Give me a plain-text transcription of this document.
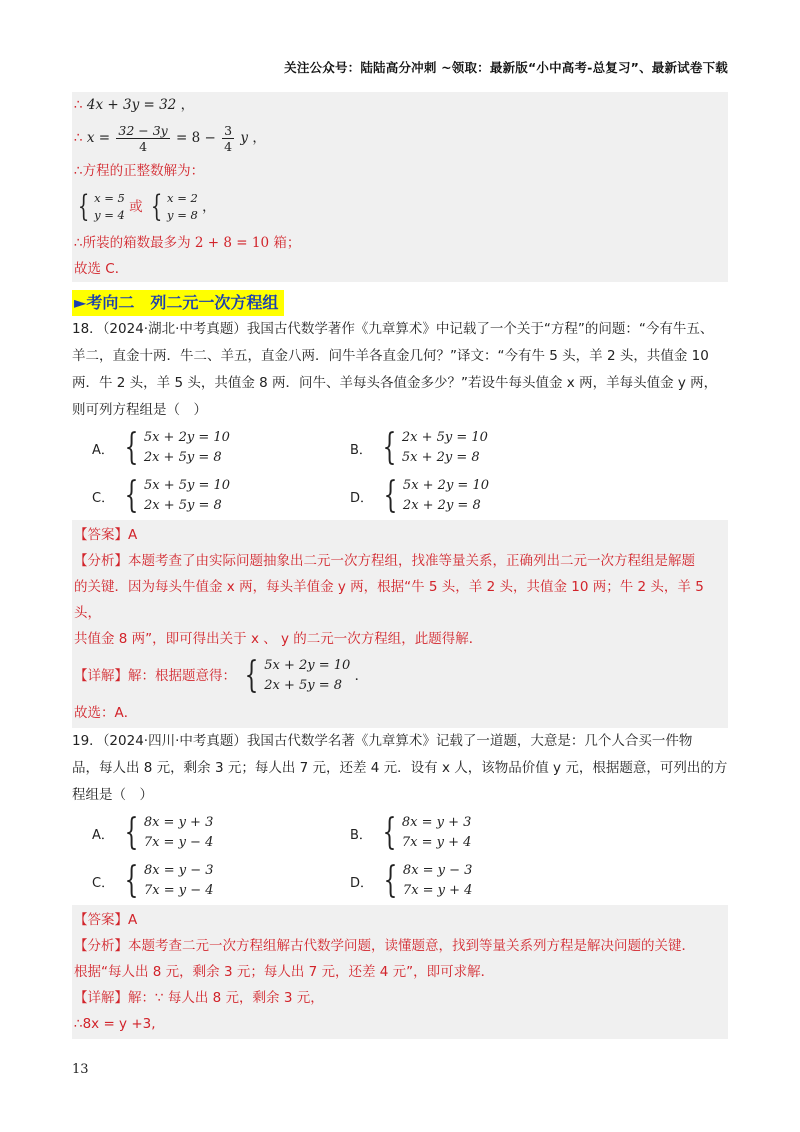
关注公众号：陆陆高分冲刺 ~领取：最新版“小中高考-总复习”、最新试卷下载
∴ 4x + 3y = 32 ，
∴ $x = \frac{32 - 3y}{4} = 8 - \frac{3}{4}$ y ，
∴方程的正整数解为：
{ x = 5
y = 4 或 { x = 2
y = 8 ，
∴所装的箱数最多为 2 + 8 = 10 箱；
故选 C．
►考向二　列二元一次方程组

18．（2024·湖北·中考真题）我国古代数学著作《九章算术》中记载了一个关于“方程”的问题：“今有牛五、

羊二，直金十两．牛二、羊五，直金八两．问牛羊各直金几何？”译文：“今有牛 5 头，羊 2 头，共值金 10

两．牛 2 头，羊 5 头，共值金 8 两．问牛、羊每头各值金多少？”若设牛每头值金 x 两，羊每头值金 y 两，

则可列方程组是（　）

A． { 5x + 2y = 10
2x + 5y = 8	B． { 2x + 5y = 10
5x + 2y = 8
C． { 5x + 5y = 10
2x + 5y = 8	D． { 5x + 2y = 10
2x + 2y = 8
【答案】A
【分析】本题考查了由实际问题抽象出二元一次方程组，找准等量关系，正确列出二元一次方程组是解题
的关键．因为每头牛值金 x 两，每头羊值金 y 两，根据“牛 5 头，羊 2 头，共值金 10 两；牛 2 头，羊 5 头，
共值金 8 两”，即可得出关于 x 、 y 的二元一次方程组，此题得解．
【详解】解：根据题意得： { 5x + 2y = 10
2x + 5y = 8
．
故选：A．

19．（2024·四川·中考真题）我国古代数学名著《九章算术》记载了一道题，大意是：几个人合买一件物

品，每人出 8 元，剩余 3 元；每人出 7 元，还差 4 元．设有 x 人，该物品价值 y 元，根据题意，可列出的方

程组是（　）

A． { 8x = y + 3
7x = y − 4	B． { 8x = y + 3
7x = y + 4
C． { 8x = y − 3
7x = y − 4	D． { 8x = y − 3
7x = y + 4
【答案】A
【分析】本题考查二元一次方程组解古代数学问题，读懂题意，找到等量关系列方程是解决问题的关键．
根据“每人出 8 元，剩余 3 元；每人出 7 元，还差 4 元”，即可求解．
【详解】解：∵ 每人出 8 元，剩余 3 元，
∴8x = y +3,
13
